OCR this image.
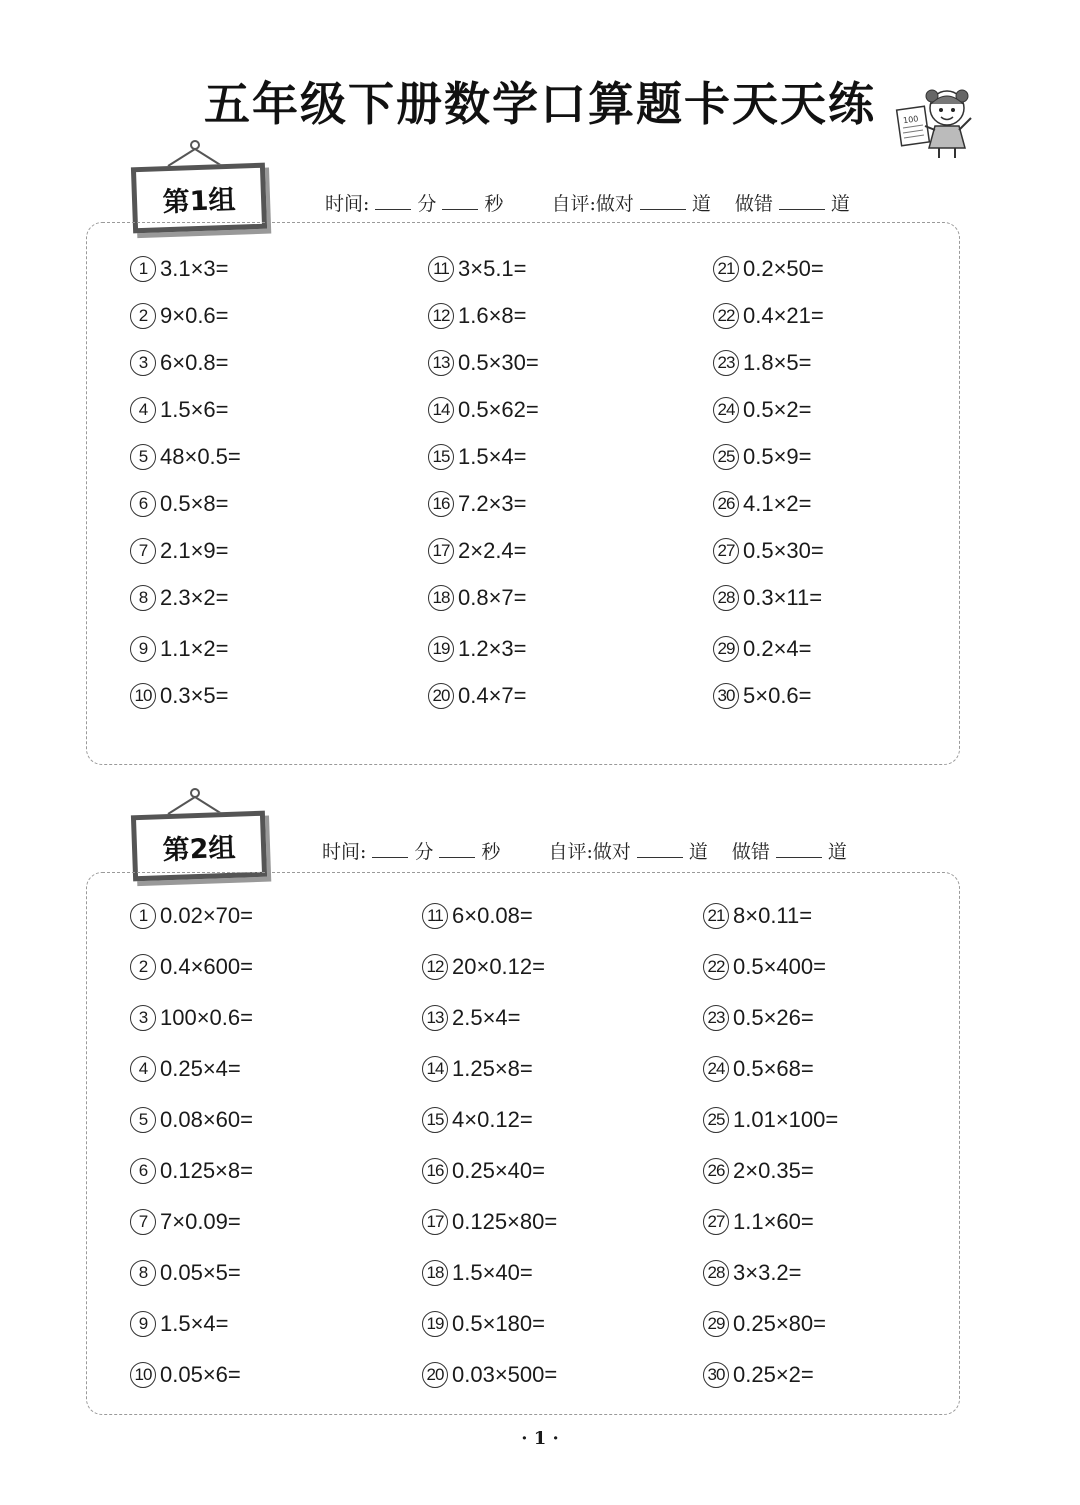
五年级下册数学口算题卡天天练	100
第1组	时间:	分	秒	自评:做对	道 做错	道
第2组	时间:	分	秒	自评:做对	道 做错	道
· 1 ·
1 3.1×3=
2 9×0.6=
3 6×0.8=
4 1.5×6=
5 48×0.5=
6 0.5×8=
7 2.1×9=
8 2.3×2=
9 1.1×2=
10 0.3×5=
11 3×5.1=
12 1.6×8=
13 0.5×30=
14 0.5×62=
15 1.5×4=
16 7.2×3=
17 2×2.4=
18 0.8×7=
19 1.2×3=
20 0.4×7=
21 0.2×50=
22 0.4×21=
23 1.8×5=
24 0.5×2=
25 0.5×9=
26 4.1×2=
27 0.5×30=
28 0.3×11=
29 0.2×4=
30 5×0.6=
1 0.02×70=
2 0.4×600=
3 100×0.6=
4 0.25×4=
5 0.08×60=
6 0.125×8=
7 7×0.09=
8 0.05×5=
9 1.5×4=
10 0.05×6=
11 6×0.08=
12 20×0.12=
13 2.5×4=
14 1.25×8=
15 4×0.12=
16 0.25×40=
17 0.125×80=
18 1.5×40=
19 0.5×180=
20 0.03×500=
21 8×0.11=
22 0.5×400=
23 0.5×26=
24 0.5×68=
25 1.01×100=
26 2×0.35=
27 1.1×60=
28 3×3.2=
29 0.25×80=
30 0.25×2=
